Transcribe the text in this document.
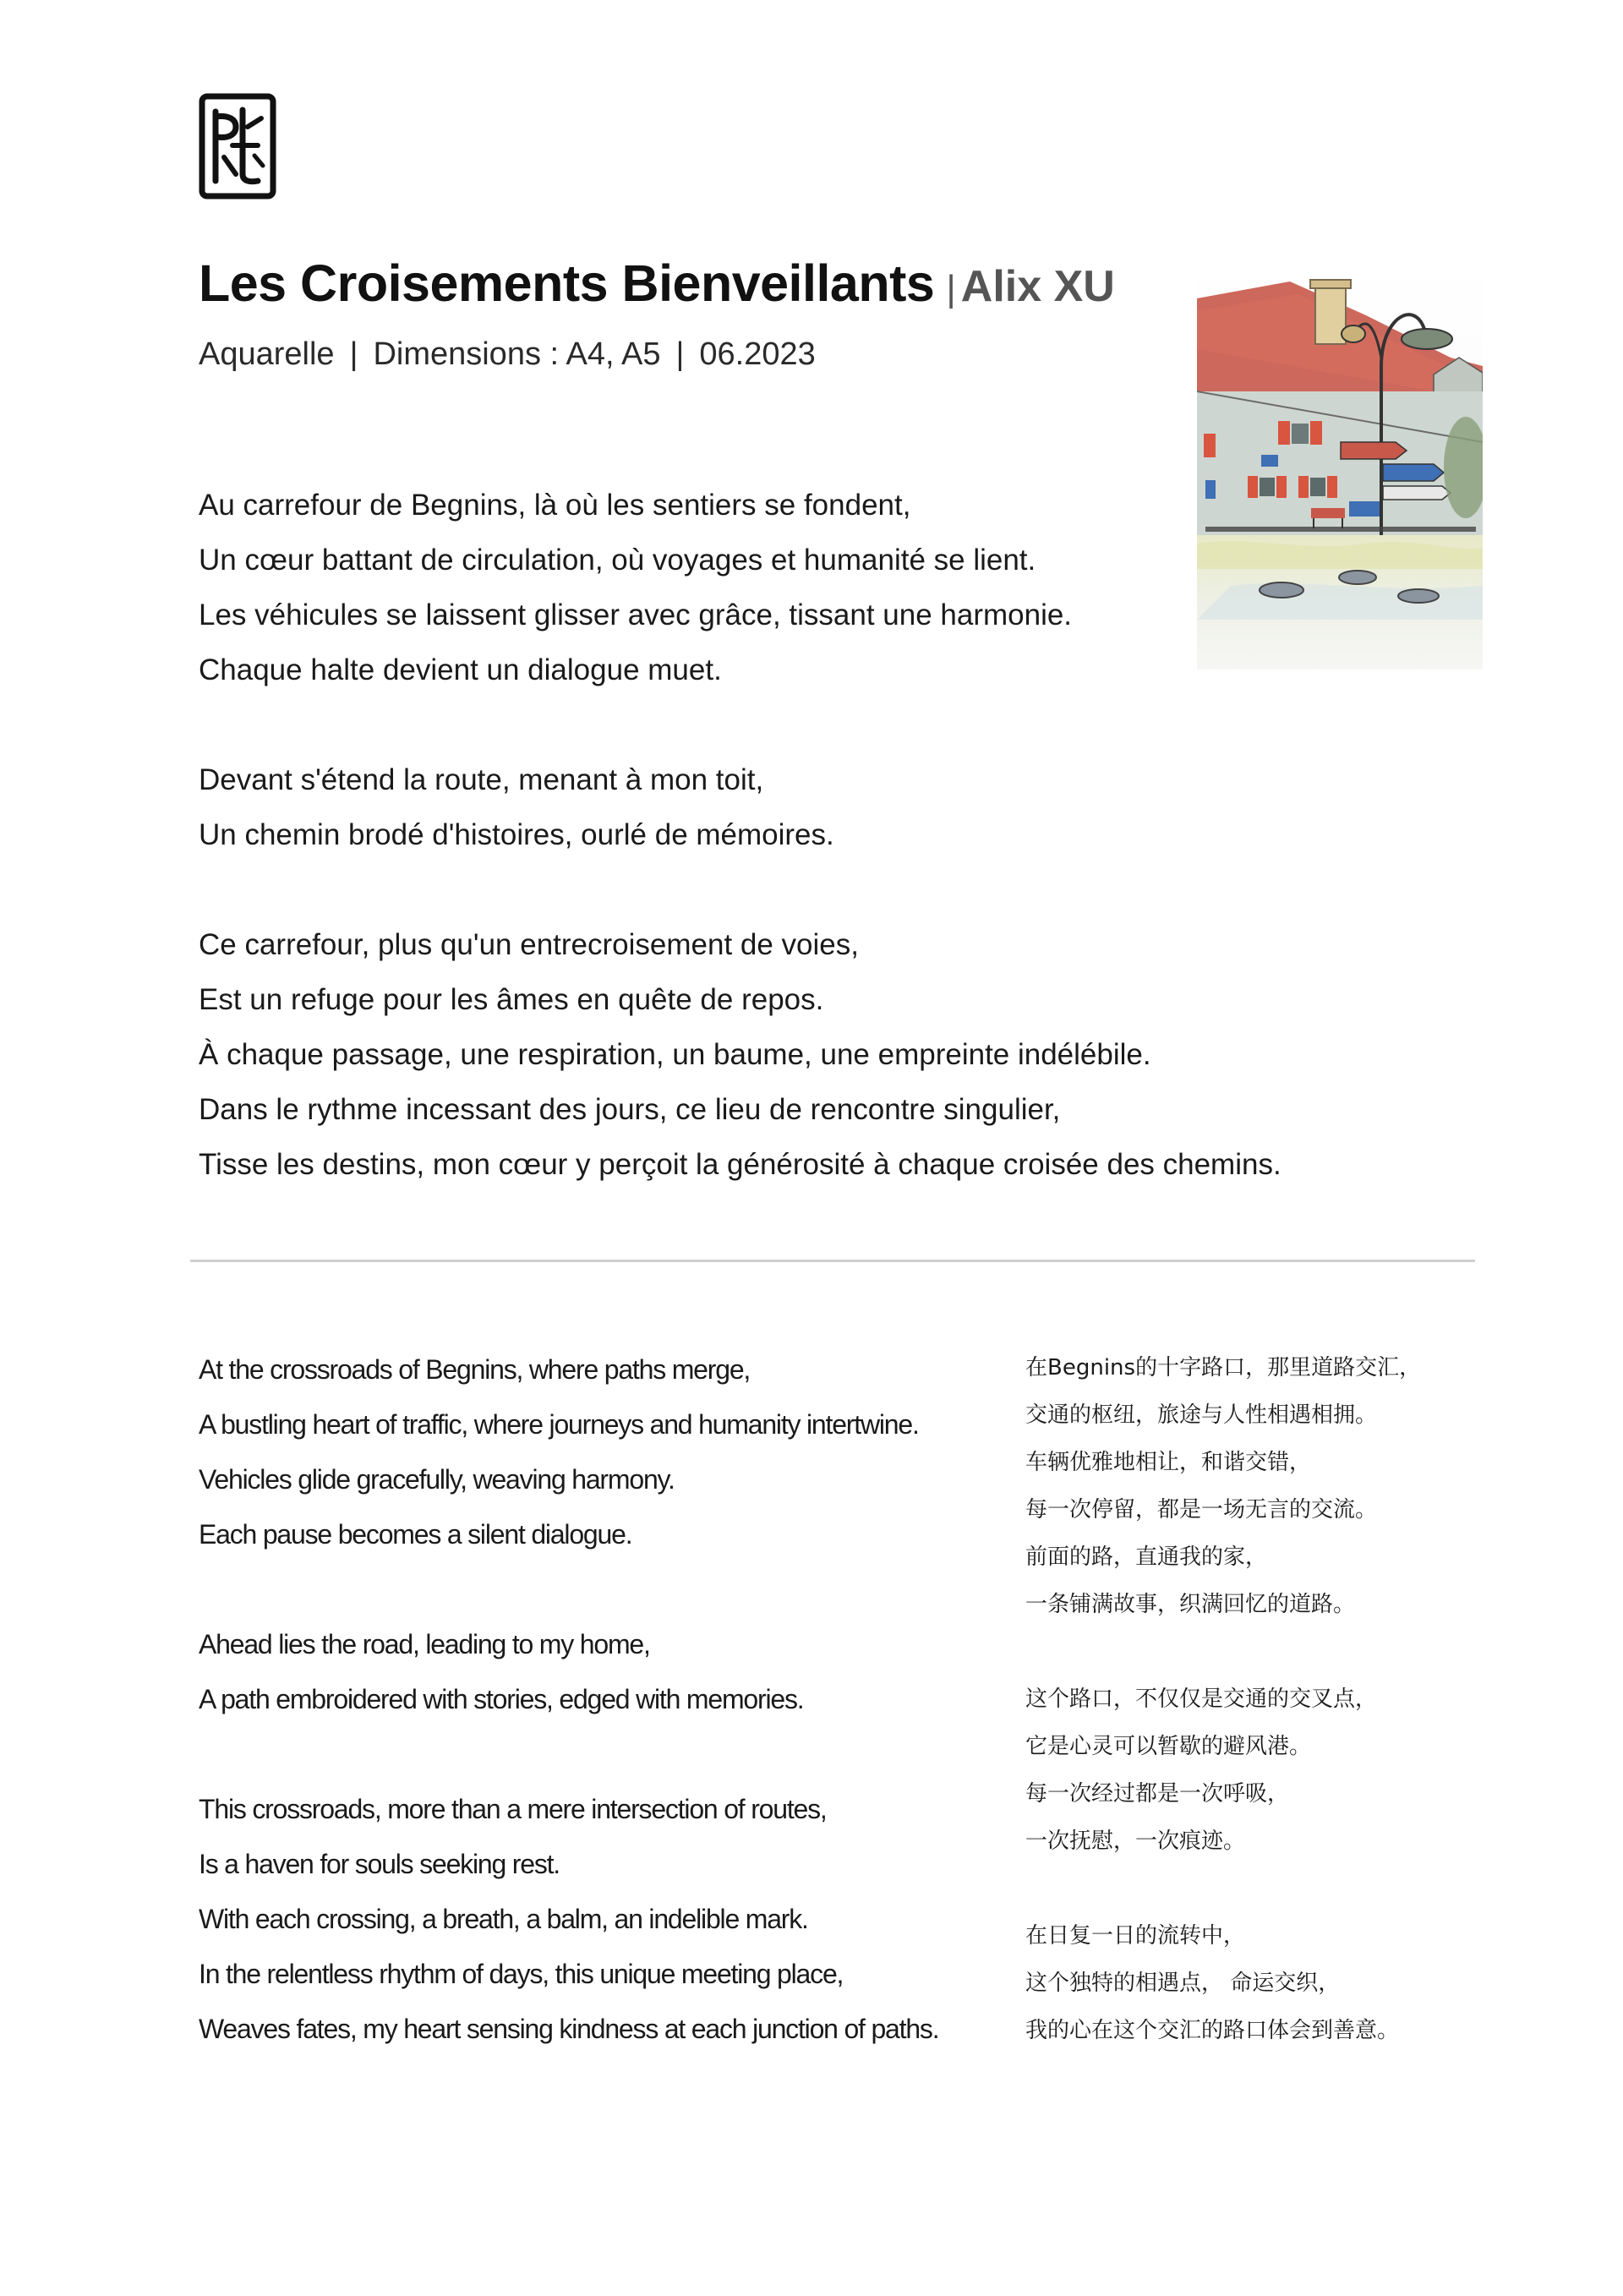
Les Croisements Bienveillants | Alix XU
Aquarelle | Dimensions : A4, A5 | 06.2023
Au carrefour de Begnins, là où les sentiers se fondent,
Un cœur battant de circulation, où voyages et humanité se lient.
Les véhicules se laissent glisser avec grâce, tissant une harmonie.
Chaque halte devient un dialogue muet.
Devant s'étend la route, menant à mon toit,
Un chemin brodé d'histoires, ourlé de mémoires.
Ce carrefour, plus qu'un entrecroisement de voies,
Est un refuge pour les âmes en quête de repos.
À chaque passage, une respiration, un baume, une empreinte indélébile.
Dans le rythme incessant des jours, ce lieu de rencontre singulier,
Tisse les destins, mon cœur y perçoit la générosité à chaque croisée des chemins.
At the crossroads of Begnins, where paths merge,
A bustling heart of traffic, where journeys and humanity intertwine.
Vehicles glide gracefully, weaving harmony.
Each pause becomes a silent dialogue.
Ahead lies the road, leading to my home,
A path embroidered with stories, edged with memories.
This crossroads, more than a mere intersection of routes,
Is a haven for souls seeking rest.
With each crossing, a breath, a balm, an indelible mark.
In the relentless rhythm of days, this unique meeting place,
Weaves fates, my heart sensing kindness at each junction of paths.
在Begnins的十字路口，那里道路交汇，
交通的枢纽，旅途与人性相遇相拥。
车辆优雅地相让，和谐交错，
每一次停留，都是一场无言的交流。
前面的路，直通我的家，
一条铺满故事，织满回忆的道路。
这个路口，不仅仅是交通的交叉点，
它是心灵可以暂歇的避风港。
每一次经过都是一次呼吸，
一次抚慰，一次痕迹。
在日复一日的流转中，
这个独特的相遇点， 命运交织，
我的心在这个交汇的路口体会到善意。
